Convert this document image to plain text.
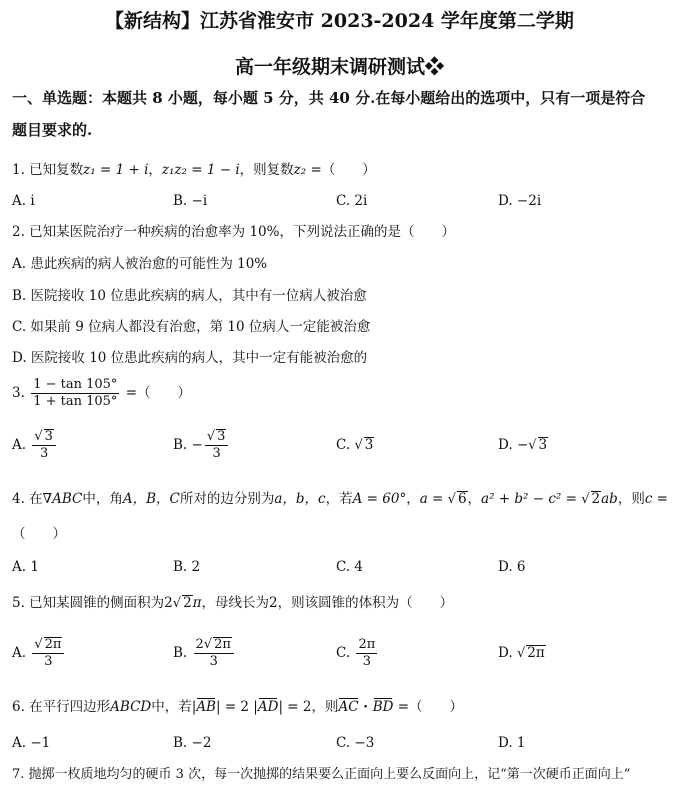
【新结构】江苏省淮安市 2023-2024 学年度第二学期
高一年级期末调研测试❖
一、单选题：本题共 8 小题，每小题 5 分，共 40 分.在每小题给出的选项中，只有一项是符合
题目要求的.
1. 已知复数z₁ = 1 + i，z₁z₂ = 1 − i，则复数z₂ =（　　）
A. i	B. −i	C. 2i	D. −2i
2. 已知某医院治疗一种疾病的治愈率为 10%，下列说法正确的是（　　）
A. 患此疾病的病人被治愈的可能性为 10%
B. 医院接收 10 位患此疾病的病人，其中有一位病人被治愈
C. 如果前 9 位病人都没有治愈，第 10 位病人一定能被治愈
D. 医院接收 10 位患此疾病的病人，其中一定有能被治愈的
3. $\frac{1 - \tan 105^\circ}{1 + \tan 105^\circ}$ =（　　）
A. $\frac{√ 3}{3}$	B. − $\frac{√ 3}{3}$	C. √ 3	D. −√ 3
4. 在∇ABC中，角A，B，C所对的边分别为a，b，c，若A = 60°，a = √ 6，a² + b² − c² = √ 2ab，则c =
（　　）
A. 1	B. 2	C. 4	D. 6
5. 已知某圆锥的侧面积为2√ 2π，母线长为2，则该圆锥的体积为（　　）
A. $\frac{√ 2\pi}{3}$	B. $\frac{2√ 2\pi}{3}$	C. $\frac{2\pi}{3}$	D. √ 2π
6. 在平行四边形ABCD中，若|AB| = 2 |AD| = 2，则AC · BD =（　　）
A. −1	B. −2	C. −3	D. 1
7. 抛掷一枚质地均匀的硬币 3 次，每一次抛掷的结果要么正面向上要么反面向上，记“第一次硬币正面向上”
